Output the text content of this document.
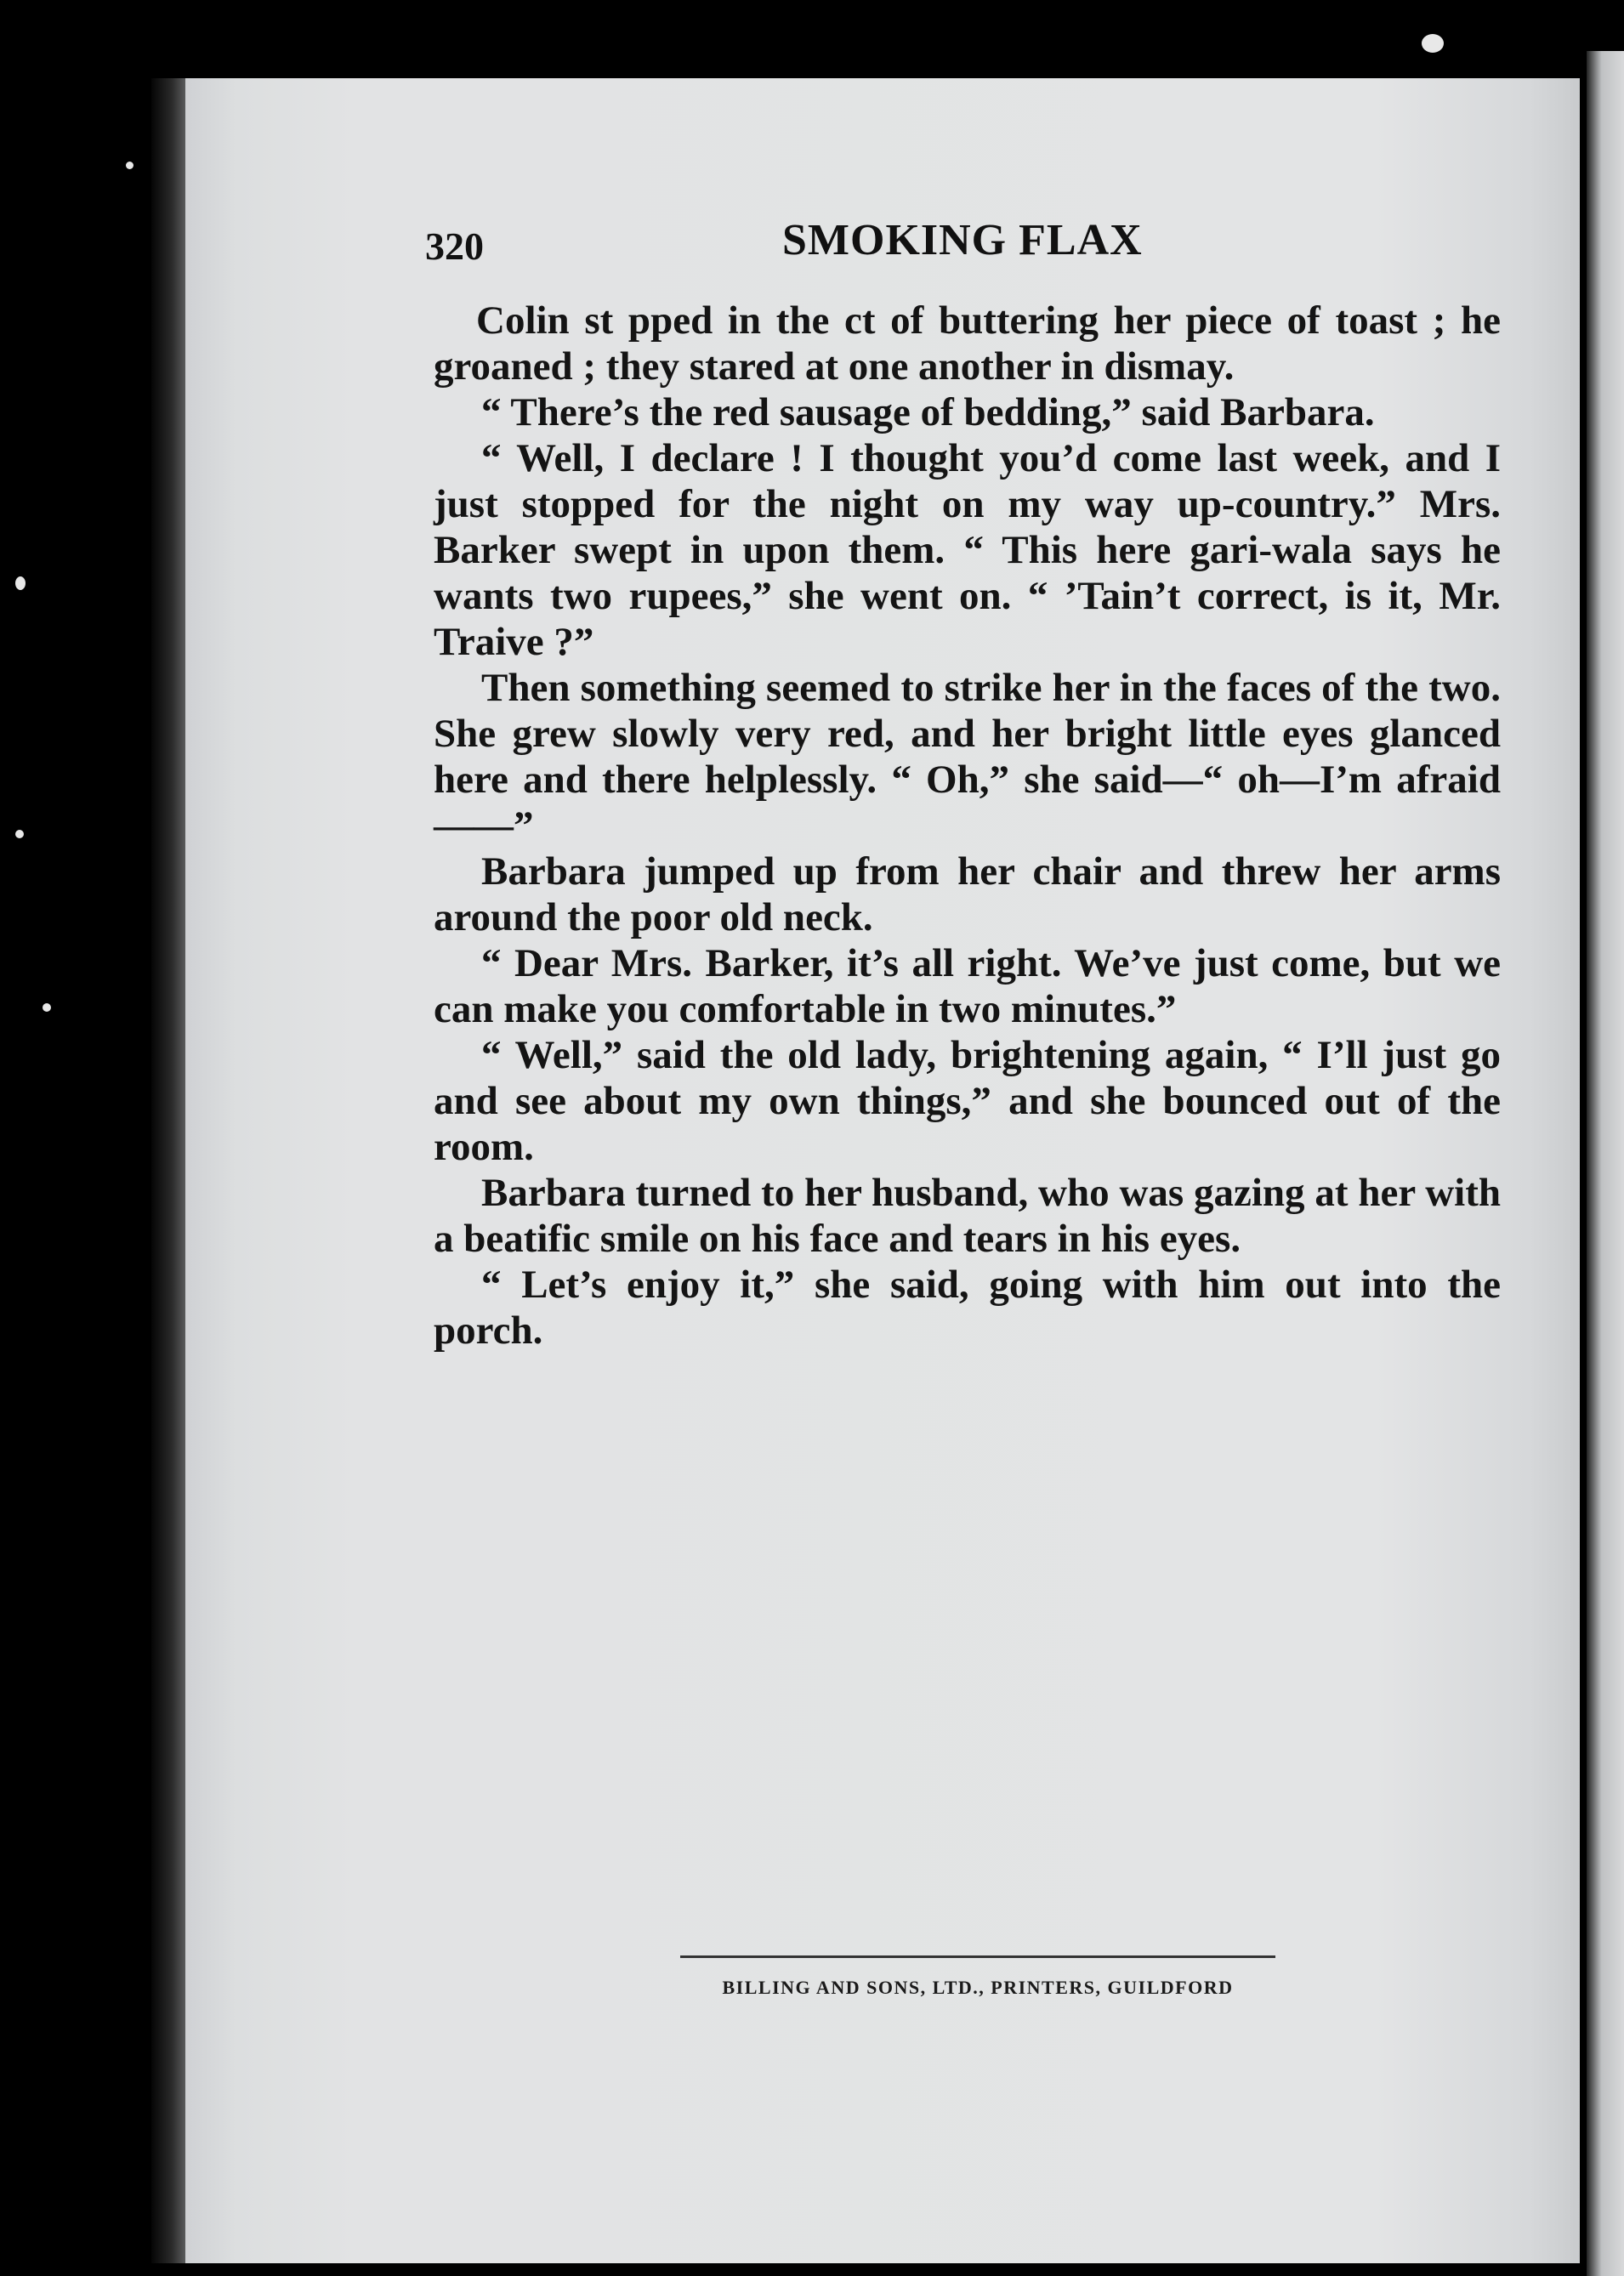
320	SMOKING FLAX

Colin st pped in the ct of buttering her piece of toast ; he groaned ; they stared at one another in dismay.

“ There’s the red sausage of bedding,” said Barbara.

“ Well, I declare ! I thought you’d come last week, and I just stopped for the night on my way up-country.” Mrs. Barker swept in upon them. “ This here gari-wala says he wants two rupees,” she went on. “ ’Tain’t correct, is it, Mr. Traive ?”

Then something seemed to strike her in the faces of the two. She grew slowly very red, and her bright little eyes glanced here and there helplessly. “ Oh,” she said—“ oh—I’m afraid——”

Barbara jumped up from her chair and threw her arms around the poor old neck.

“ Dear Mrs. Barker, it’s all right. We’ve just come, but we can make you comfortable in two minutes.”

“ Well,” said the old lady, brightening again, “ I’ll just go and see about my own things,” and she bounced out of the room.

Barbara turned to her husband, who was gazing at her with a beatific smile on his face and tears in his eyes.

“ Let’s enjoy it,” she said, going with him out into the porch.

BILLING AND SONS, LTD., PRINTERS, GUILDFORD
